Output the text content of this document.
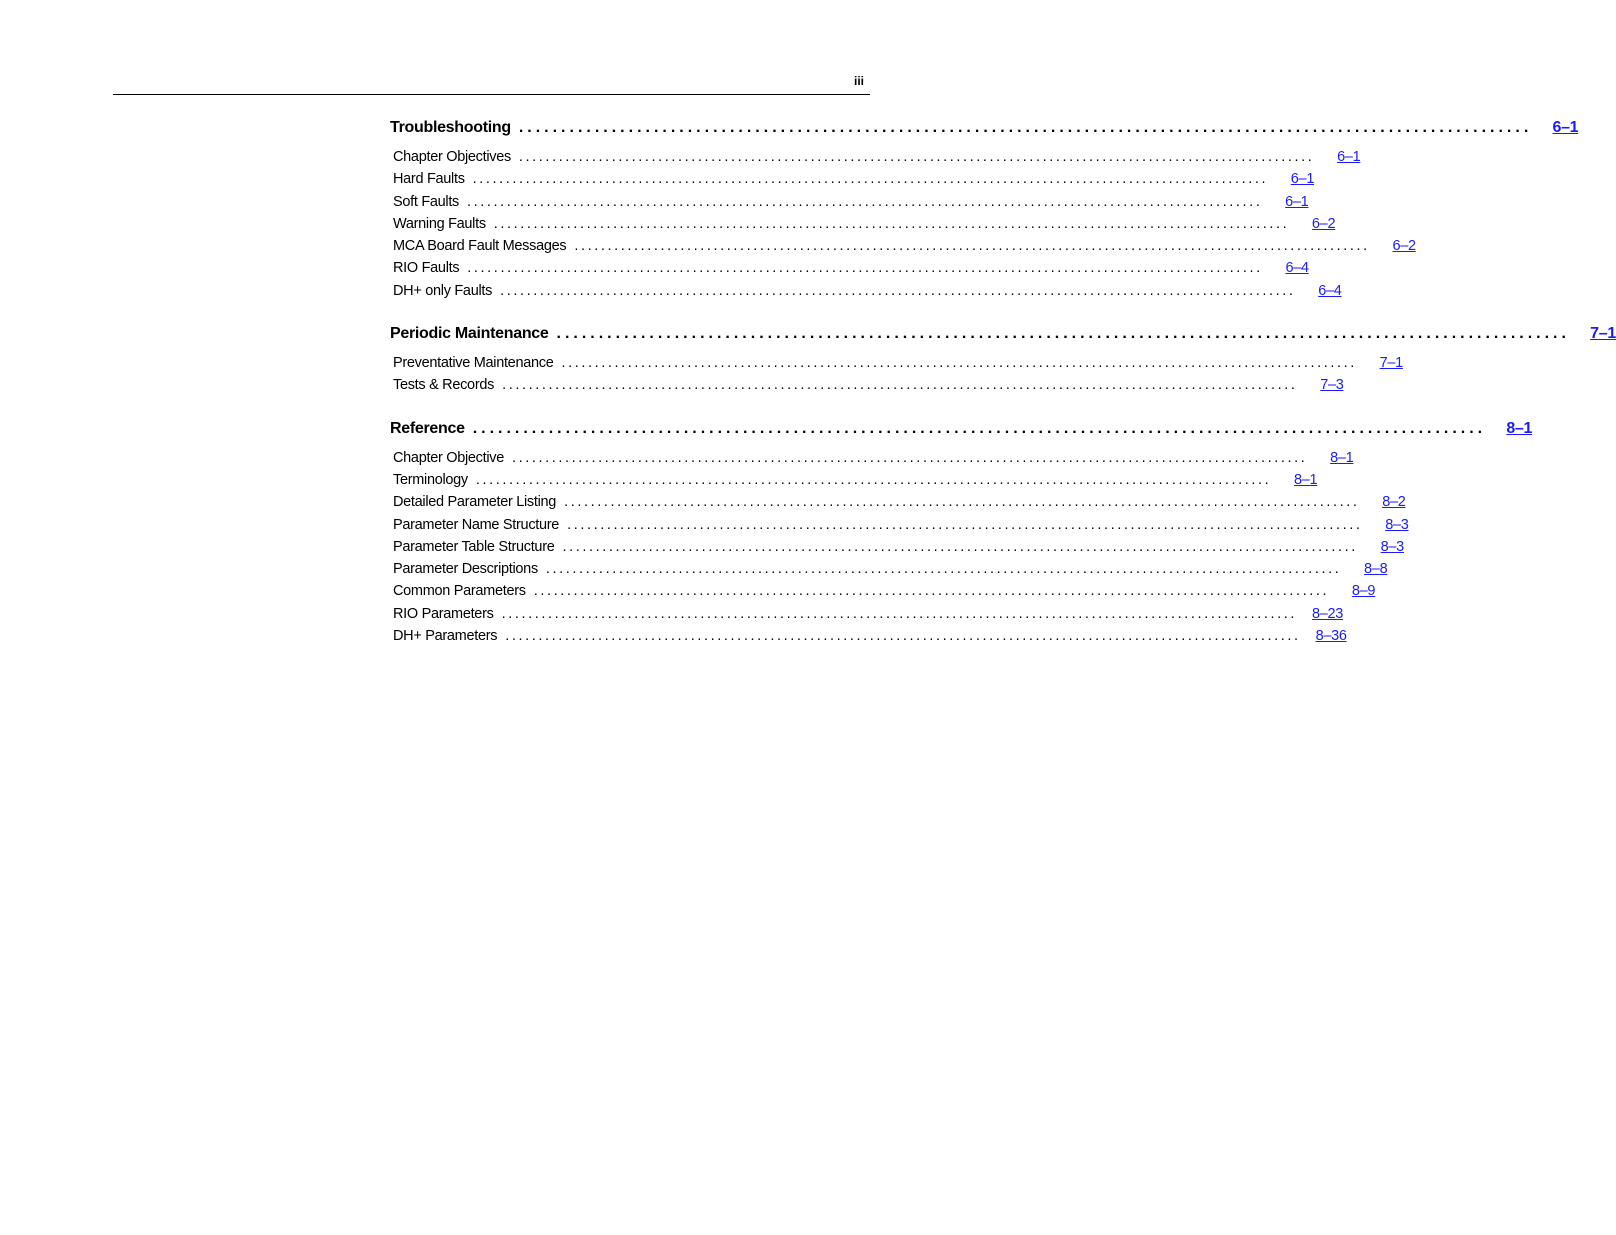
iii
Troubleshooting ........................................................................................................................	6–1
Chapter Objectives ........................................................................................................................	6–1
Hard Faults ........................................................................................................................	6–1
Soft Faults ........................................................................................................................	6–1
Warning Faults ........................................................................................................................	6–2
MCA Board Fault Messages ........................................................................................................................	6–2
RIO Faults ........................................................................................................................	6–4
DH+ only Faults ........................................................................................................................	6–4
Periodic Maintenance ........................................................................................................................	7–1
Preventative Maintenance ........................................................................................................................	7–1
Tests & Records ........................................................................................................................	7–3
Reference ........................................................................................................................	8–1
Chapter Objective ........................................................................................................................	8–1
Terminology ........................................................................................................................	8–1
Detailed Parameter Listing ........................................................................................................................	8–2
Parameter Name Structure ........................................................................................................................	8–3
Parameter Table Structure ........................................................................................................................	8–3
Parameter Descriptions ........................................................................................................................	8–8
Common Parameters ........................................................................................................................	8–9
RIO Parameters ........................................................................................................................	8–23
DH+ Parameters ........................................................................................................................	8–36
